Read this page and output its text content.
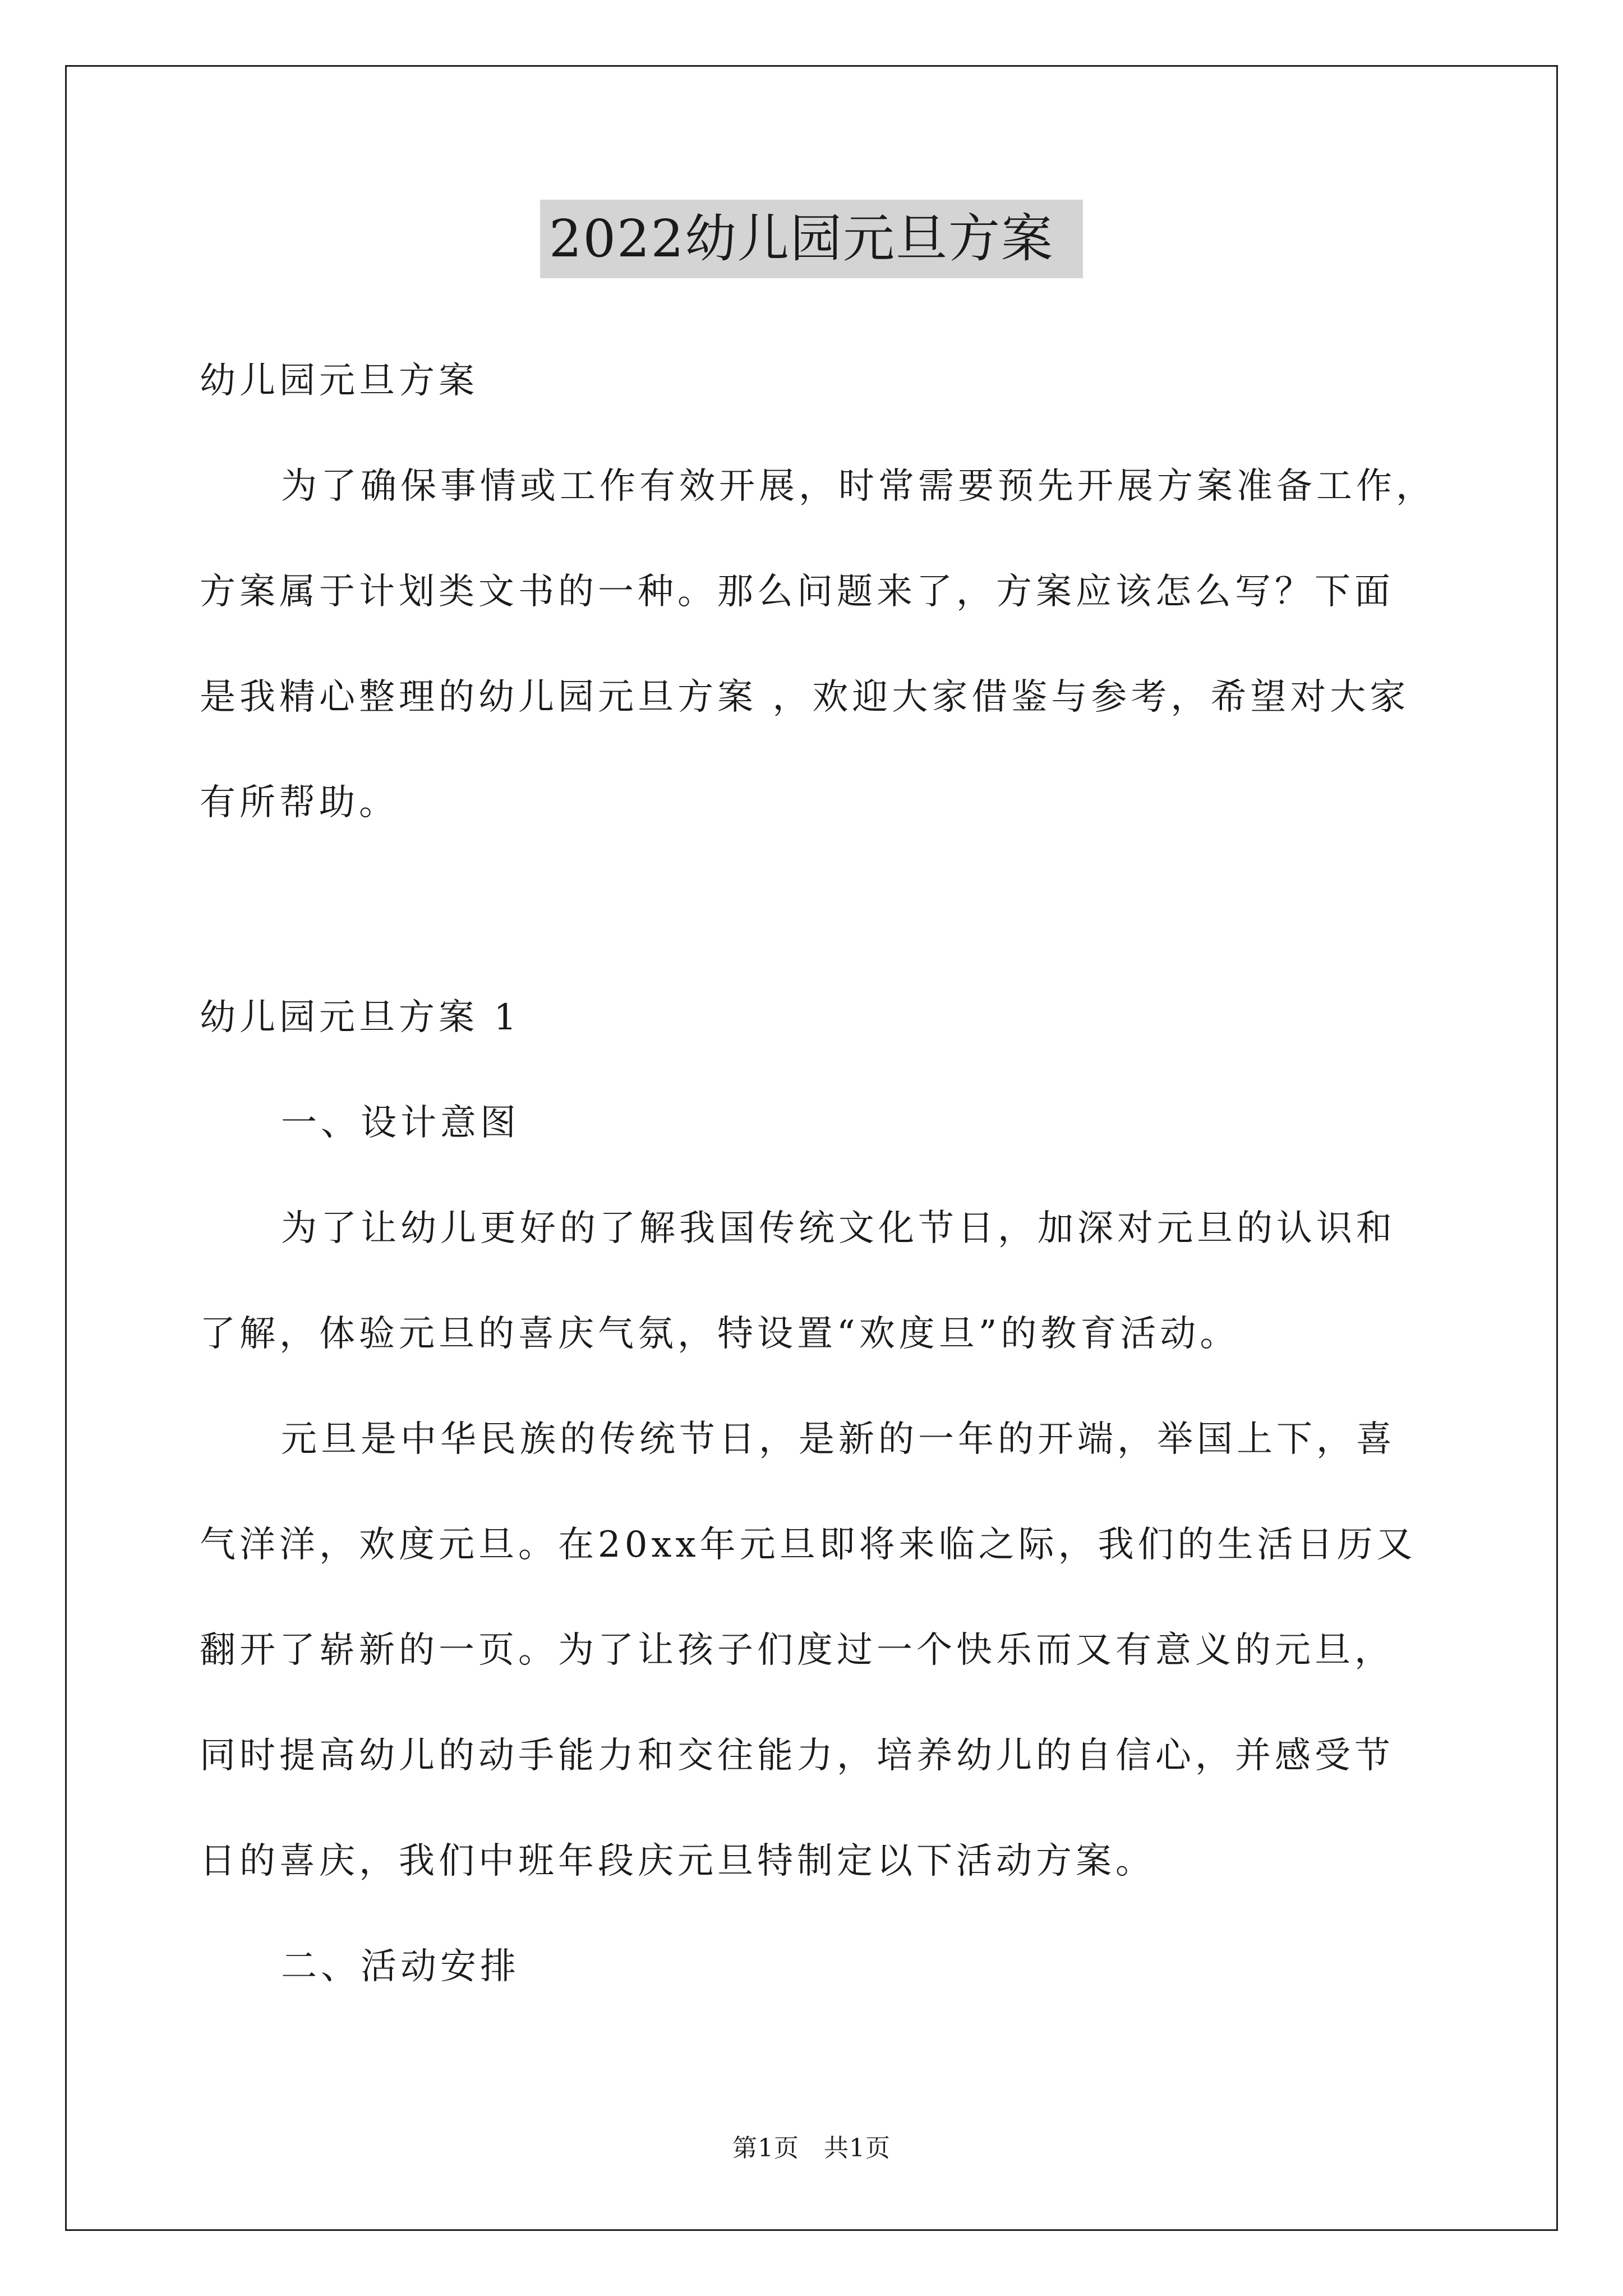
2022幼儿园元旦方案

幼儿园元旦方案

为了确保事情或工作有效开展，时常需要预先开展方案准备工作，

方案属于计划类文书的一种。那么问题来了，方案应该怎么写？下面

是我精心整理的幼儿园元旦方案 ，欢迎大家借鉴与参考，希望对大家

有所帮助。

幼儿园元旦方案 1

一、设计意图

为了让幼儿更好的了解我国传统文化节日，加深对元旦的认识和

了解，体验元旦的喜庆气氛，特设置“欢度旦”的教育活动。

元旦是中华民族的传统节日，是新的一年的开端，举国上下，喜

气洋洋，欢度元旦。在20xx年元旦即将来临之际，我们的生活日历又

翻开了崭新的一页。为了让孩子们度过一个快乐而又有意义的元旦，

同时提高幼儿的动手能力和交往能力，培养幼儿的自信心，并感受节

日的喜庆，我们中班年段庆元旦特制定以下活动方案。

二、活动安排

第1页 共1页
